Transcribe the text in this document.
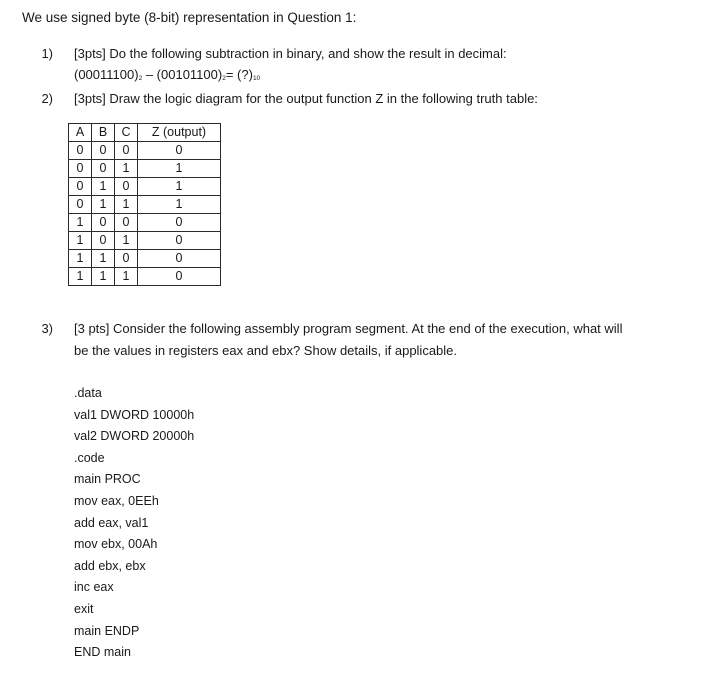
We use signed byte (8-bit) representation in Question 1:
1) [3pts] Do the following subtraction in binary, and show the result in decimal:
$(00011100)_2 - (00101100)_2=$ $(?)_{10}$
2) [3pts] Draw the logic diagram for the output function Z in the following truth table:
A	B	C	Z (output)
0	0	0	0
0	0	1	1
0	1	0	1
0	1	1	1
1	0	0	0
1	0	1	0
1	1	0	0
1	1	1	0
3) [3 pts] Consider the following assembly program segment. At the end of the execution, what will
be the values in registers eax and ebx? Show details, if applicable.
.data
val1 DWORD 10000h
val2 DWORD 20000h
.code
main PROC
mov eax, 0EEh
add eax, val1
mov ebx, 00Ah
add ebx, ebx
inc eax
exit
main ENDP
END main
